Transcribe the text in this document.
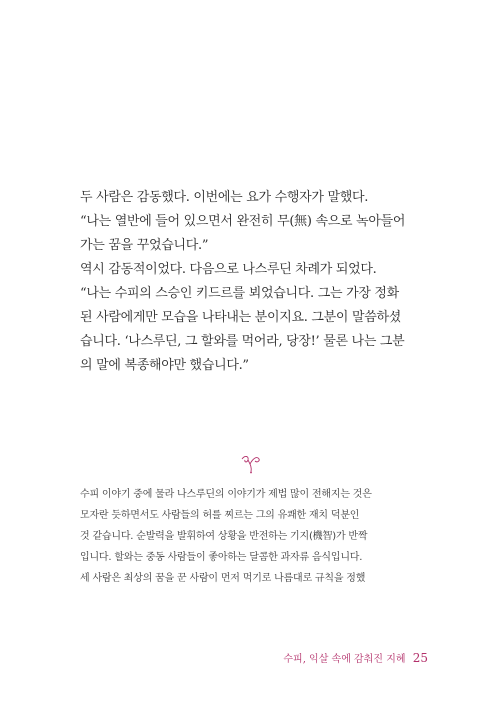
두 사람은 감동했다. 이번에는 요가 수행자가 말했다.
“나는 열반에 들어 있으면서 완전히 무(無) 속으로 녹아들어
가는 꿈을 꾸었습니다.”
역시 감동적이었다. 다음으로 나스루딘 차례가 되었다.
“나는 수피의 스승인 키드르를 뵈었습니다. 그는 가장 정화
된 사람에게만 모습을 나타내는 분이지요. 그분이 말씀하셨
습니다. ‘나스루딘, 그 할와를 먹어라, 당장!’ 물론 나는 그분
의 말에 복종해야만 했습니다.”
수피 이야기 중에 물라 나스루딘의 이야기가 제법 많이 전해지는 것은
모자란 듯하면서도 사람들의 허를 찌르는 그의 유쾌한 재치 덕분인
것 같습니다. 순발력을 발휘하여 상황을 반전하는 기지(機智)가 반짝
입니다. 할와는 중동 사람들이 좋아하는 달콤한 과자류 음식입니다.
세 사람은 최상의 꿈을 꾼 사람이 먼저 먹기로 나름대로 규칙을 정했
수피, 익살 속에 감춰진 지혜 25
